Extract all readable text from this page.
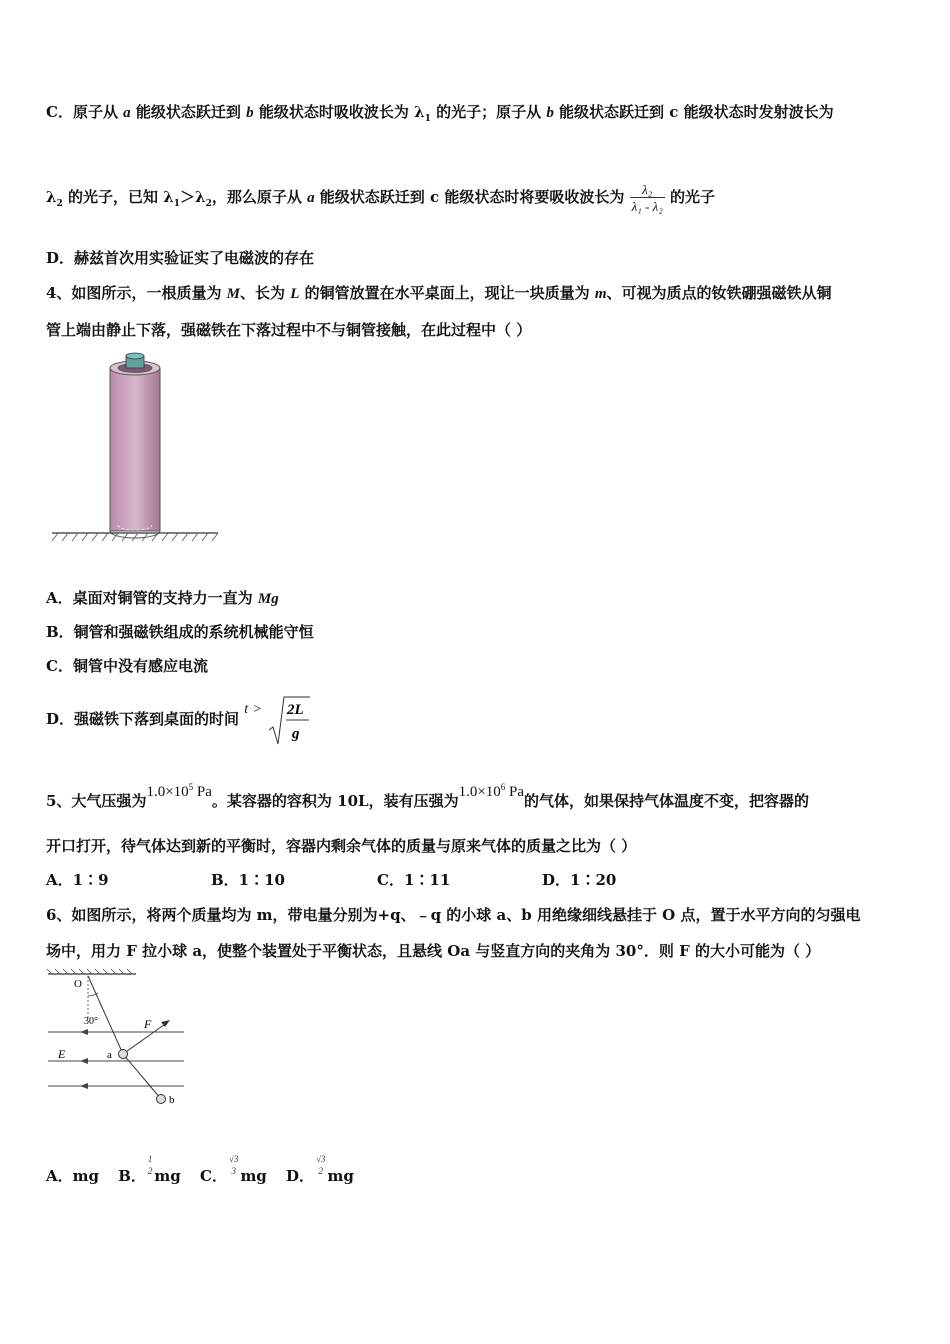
C．原子从 a 能级状态跃迁到 b 能级状态时吸收波长为 $\lambda_1$ 的光子；原子从 b 能级状态跃迁到 c 能级状态时发射波长为
$\lambda_2$ 的光子，已知 $\lambda_1>\lambda_2$，那么原子从 a 能级状态跃迁到 c 能级状态时将要吸收波长为 $\frac{\text{λ₂}}{\text{λ₁ - λ₂}}$ 的光子
D．赫兹首次用实验证实了电磁波的存在
4、如图所示，一根质量为 M、长为 L 的铜管放置在水平桌面上，现让一块质量为 m、可视为质点的钕铁硼强磁铁从铜
管上端由静止下落，强磁铁在下落过程中不与铜管接触，在此过程中（ ）
A．桌面对铜管的支持力一直为 Mg
B．铜管和强磁铁组成的系统机械能守恒
C．铜管中没有感应电流
D．强磁铁下落到桌面的时间 t > 2L
g
5、大气压强为$1.0\times 10^5$ Pa。某容器的容积为 10L，装有压强为$1.0\times 10^6$ Pa的气体，如果保持气体温度不变，把容器的
开口打开，待气体达到新的平衡时，容器内剩余气体的质量与原来气体的质量之比为（ ）
A．1∶9	B．1∶10	C．1∶11	D．1∶20
6、如图所示，将两个质量均为 m，带电量分别为+q、﹣q 的小球 a、b 用绝缘细线悬挂于 O 点，置于水平方向的匀强电
场中，用力 F 拉小球 a，使整个装置处于平衡状态，且悬线 Oa 与竖直方向的夹角为 30°．则 F 的大小可能为（ ）
O
30°
E
F
a
b
A．mg B．
1
2 mg C．
√3
3 mg D．
√3
2 mg
